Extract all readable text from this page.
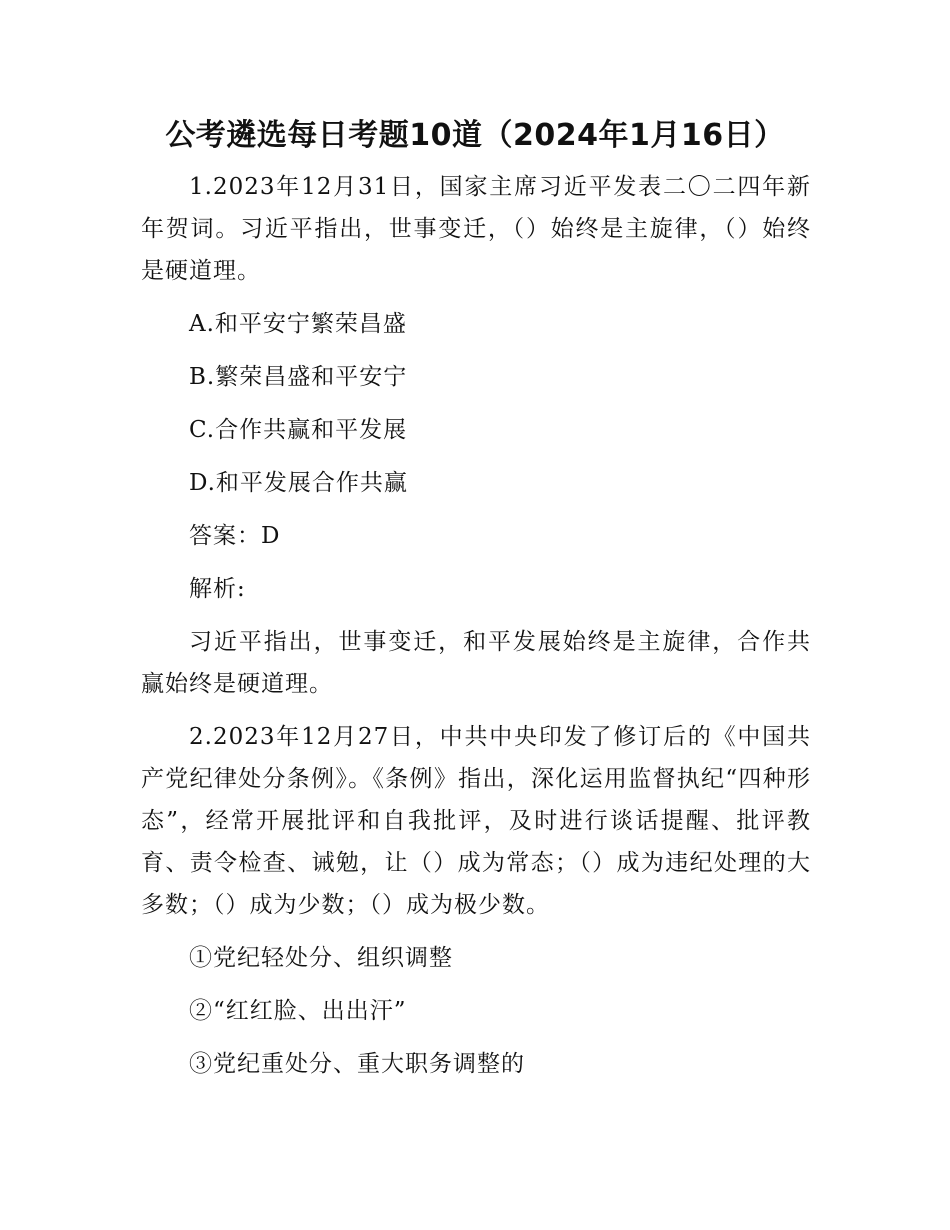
公考遴选每日考题10道（2024年1月16日）

1.2023年12月31日，国家主席习近平发表二〇二四年新年贺词。习近平指出，世事变迁，（）始终是主旋律，（）始终是硬道理。

A.和平安宁繁荣昌盛

B.繁荣昌盛和平安宁

C.合作共赢和平发展

D.和平发展合作共赢

答案：D

解析:

习近平指出，世事变迁，和平发展始终是主旋律，合作共赢始终是硬道理。

2.2023年12月27日，中共中央印发了修订后的《中国共产党纪律处分条例》。《条例》指出，深化运用监督执纪“四种形态”，经常开展批评和自我批评，及时进行谈话提醒、批评教育、责令检查、诫勉，让（）成为常态；（）成为违纪处理的大多数；（）成为少数；（）成为极少数。

①党纪轻处分、组织调整

②“红红脸、出出汗”

③党纪重处分、重大职务调整的
